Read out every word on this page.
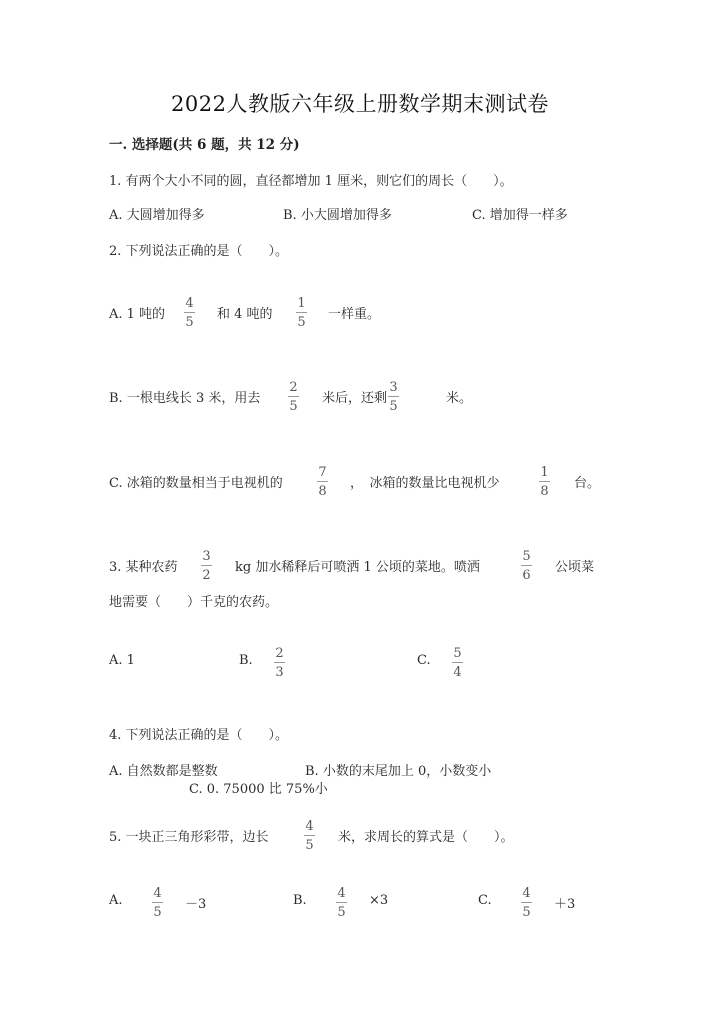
2022人教版六年级上册数学期末测试卷
一. 选择题(共 6 题，共 12 分)
1. 有两个大小不同的圆，直径都增加 1 厘米，则它们的周长（　　）。
A. 大圆增加得多	B. 小大圆增加得多	C. 增加得一样多
2. 下列说法正确的是（　　）。
A. 1 吨的
4
5
和 4 吨的
1
5
一样重。
B. 一根电线长 3 米，用去
2
5
米后，还剩
3
5
米。
C. 冰箱的数量相当于电视机的
7
8
，　冰箱的数量比电视机少
1
8
台。
3. 某种农药
3
2
kg 加水稀释后可喷洒 1 公顷的菜地。喷洒
5
6
公顷菜
地需要（　　）千克的农药。
A. 1	B. 2
3
C. 5
4
4. 下列说法正确的是（　　）。
A. 自然数都是整数	B. 小数的末尾加上 0，小数变小
C. 0. 75000 比 75%小
5. 一块正三角形彩带，边长
4
5
米，求周长的算式是（　　）。
A. 4
5
－3	B. 4
5
×3	C. 4
5
＋3
